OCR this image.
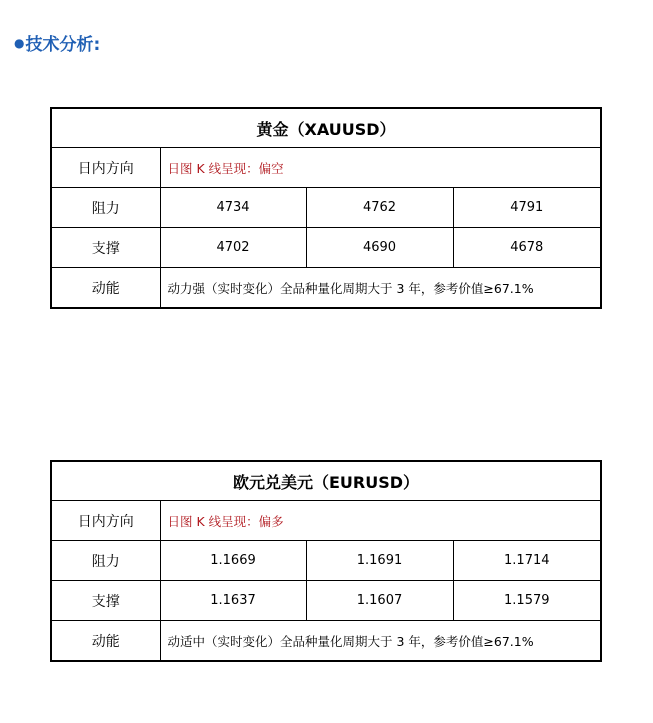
● 技术分析:
黄金（XAUUSD）			
日内方向	日图 K 线呈现：偏空		
阻力	4734	4762	4791
支撑	4702	4690	4678
动能	动力强（实时变化）全品种量化周期大于 3 年，参考价值≥67.1%		
欧元兑美元（EURUSD）			
日内方向	日图 K 线呈现：偏多		
阻力	1.1669	1.1691	1.1714
支撑	1.1637	1.1607	1.1579
动能	动适中（实时变化）全品种量化周期大于 3 年，参考价值≥67.1%		
